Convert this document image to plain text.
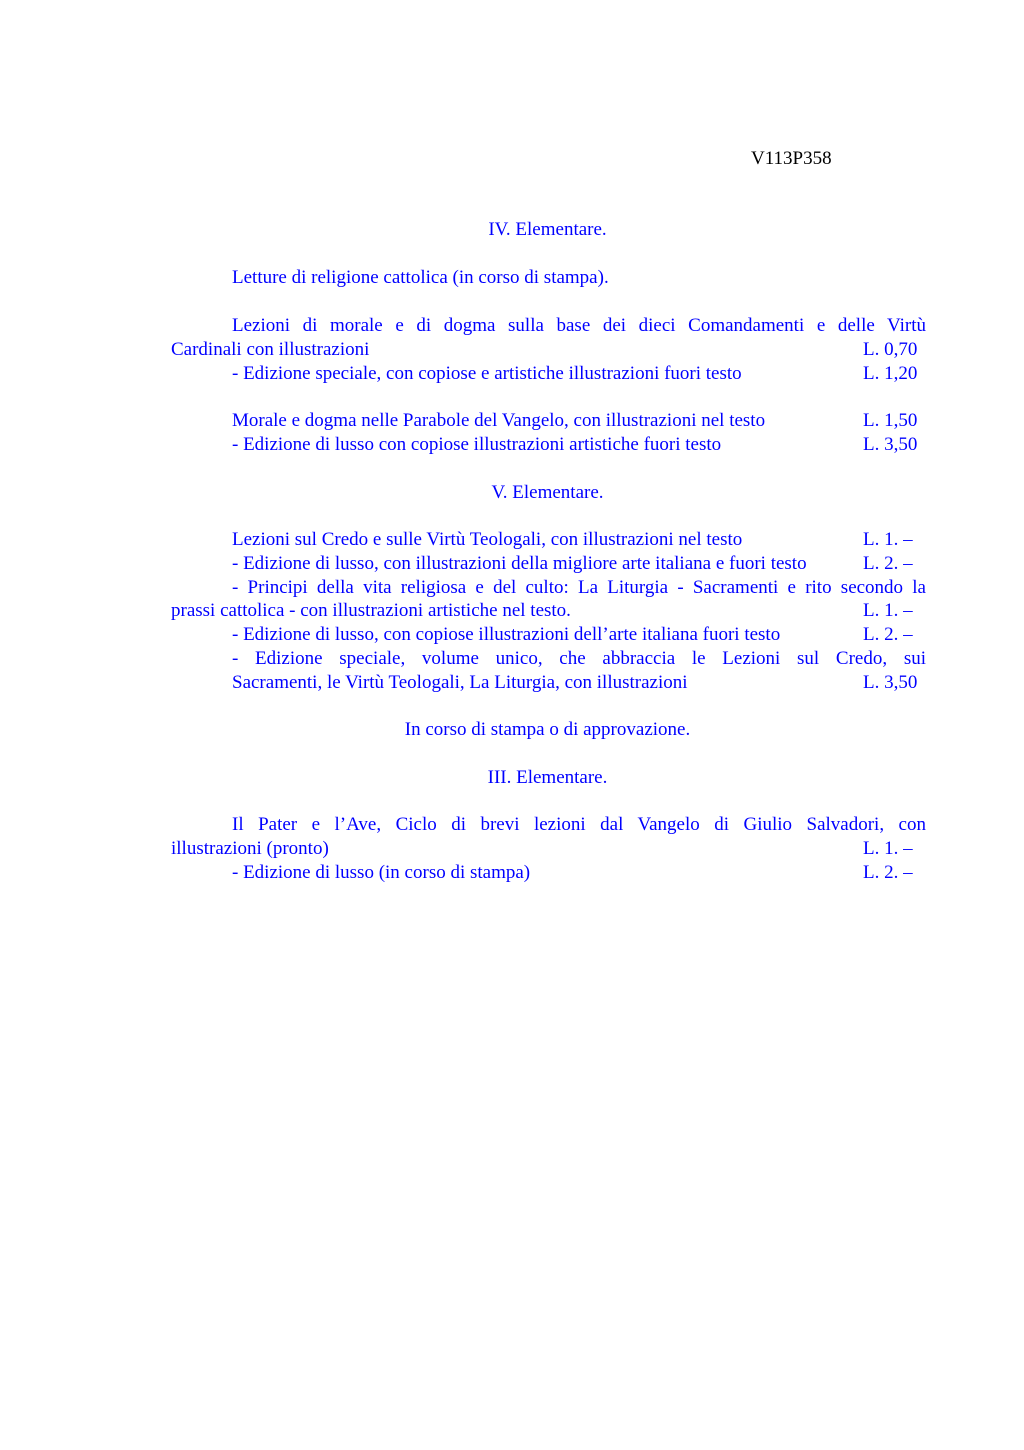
V113P358
IV. Elementare.
Letture di religione cattolica (in corso di stampa).
Lezioni di morale e di dogma sulla base dei dieci Comandamenti e delle Virtù
Cardinali con illustrazioni	L. 0,70
- Edizione speciale, con copiose e artistiche illustrazioni fuori testo	L. 1,20
Morale e dogma nelle Parabole del Vangelo, con illustrazioni nel testo	L. 1,50
- Edizione di lusso con copiose illustrazioni artistiche fuori testo	L. 3,50
V. Elementare.
Lezioni sul Credo e sulle Virtù Teologali, con illustrazioni nel testo	L. 1. –
- Edizione di lusso, con illustrazioni della migliore arte italiana e fuori testo	L. 2. –
- Principi della vita religiosa e del culto: La Liturgia - Sacramenti e rito secondo la
prassi cattolica - con illustrazioni artistiche nel testo.	L. 1. –
- Edizione di lusso, con copiose illustrazioni dell’arte italiana fuori testo	L. 2. –
- Edizione speciale, volume unico, che abbraccia le Lezioni sul Credo, sui
Sacramenti, le Virtù Teologali, La Liturgia, con illustrazioni	L. 3,50
In corso di stampa o di approvazione.
III. Elementare.
Il Pater e l’Ave, Ciclo di brevi lezioni dal Vangelo di Giulio Salvadori, con
illustrazioni (pronto)	L. 1. –
- Edizione di lusso (in corso di stampa)	L. 2. –
